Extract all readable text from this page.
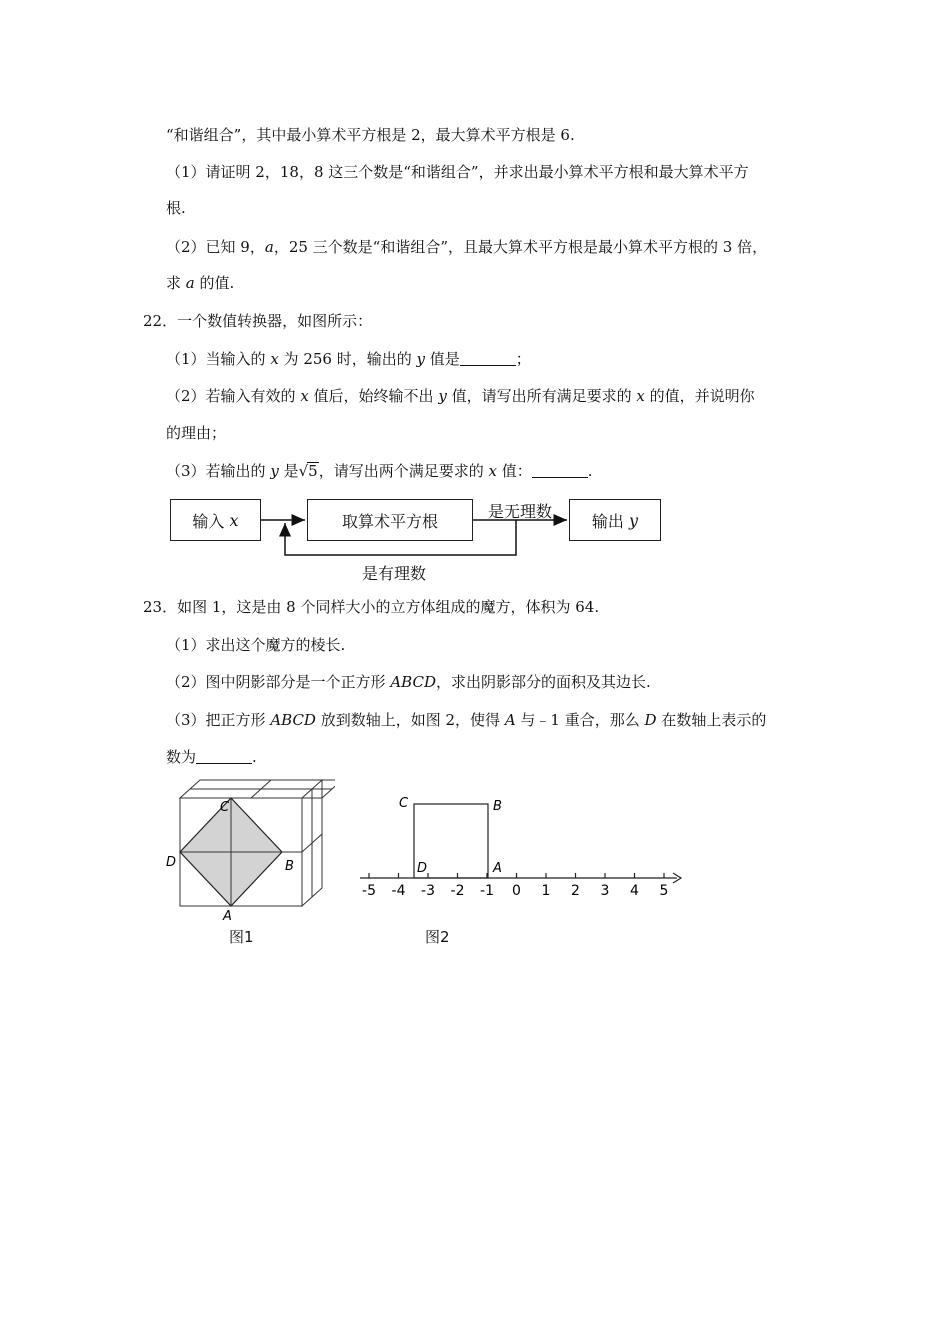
“和谐组合”，其中最小算术平方根是 2，最大算术平方根是 6.
（1）请证明 2，18，8 这三个数是“和谐组合”，并求出最小算术平方根和最大算术平方
根.
（2）已知 9，a，25 三个数是“和谐组合”，且最大算术平方根是最小算术平方根的 3 倍，
求 a 的值.
22．一个数值转换器，如图所示：
（1）当输入的 x 为 256 时，输出的 y 值是	；
（2）若输入有效的 x 值后，始终输不出 y 值，请写出所有满足要求的 x 的值，并说明你
的理由；
（3）若输出的 y 是√5，请写出两个满足要求的 x 值：	.
输入
x	取算术平方根	输出
y
是无理数
是有理数
23．如图 1，这是由 8 个同样大小的立方体组成的魔方，体积为 64.
（1）求出这个魔方的棱长.
（2）图中阴影部分是一个正方形 ABCD，求出阴影部分的面积及其边长.
（3）把正方形 ABCD 放到数轴上，如图 2，使得 A 与﹣1 重合，那么 D 在数轴上表示的
数为	.
C
B
D
A
图1
-5 -4 -3 -2 -1 0 1 2 3 4 5
C	B
D	A
图2
